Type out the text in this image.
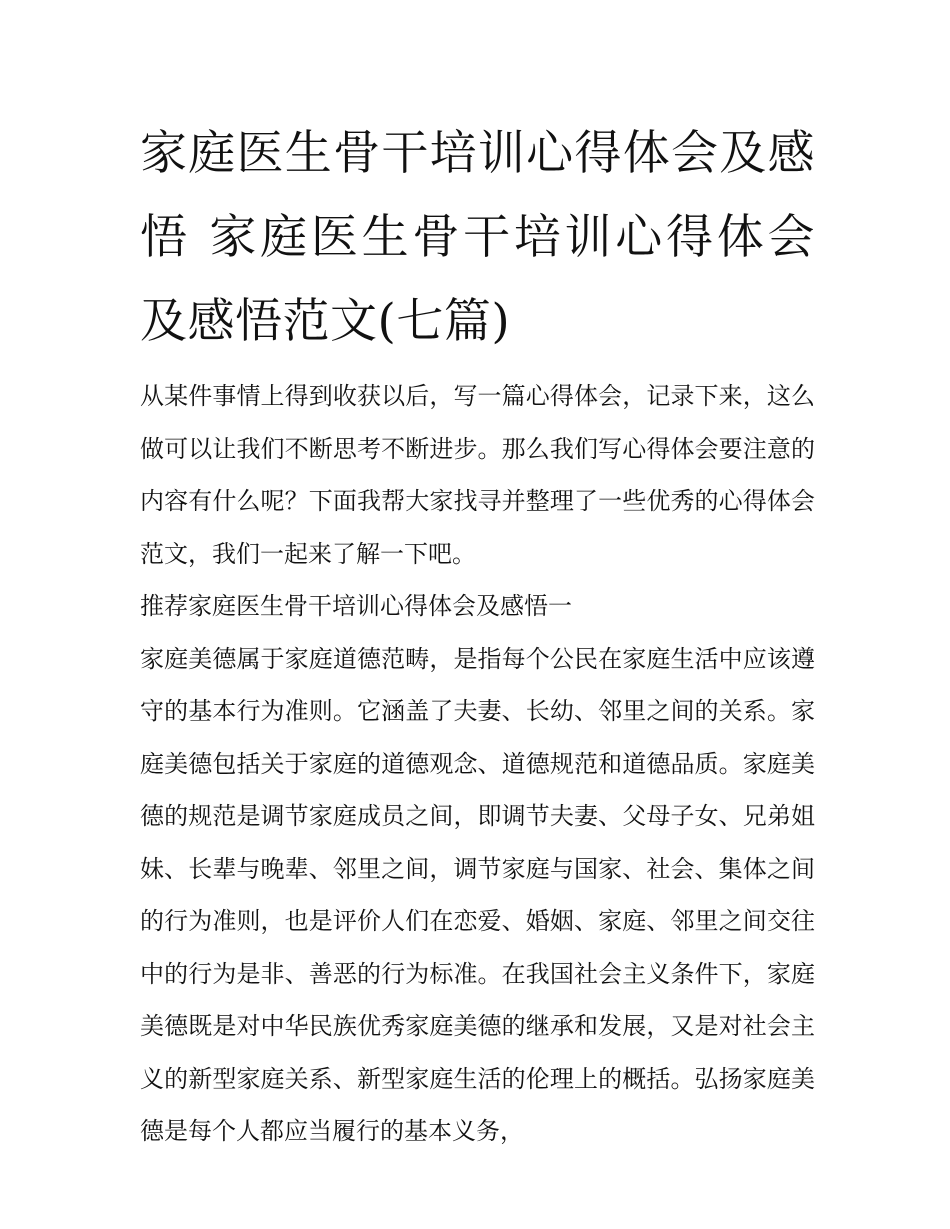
家庭医生骨干培训心得体会及感悟 家庭医生骨干培训心得体会及感悟范文(七篇)

从某件事情上得到收获以后，写一篇心得体会，记录下来，这么做可以让我们不断思考不断进步。那么我们写心得体会要注意的内容有什么呢？下面我帮大家找寻并整理了一些优秀的心得体会范文，我们一起来了解一下吧。

推荐家庭医生骨干培训心得体会及感悟一

家庭美德属于家庭道德范畴，是指每个公民在家庭生活中应该遵守的基本行为准则。它涵盖了夫妻、长幼、邻里之间的关系。家庭美德包括关于家庭的道德观念、道德规范和道德品质。家庭美德的规范是调节家庭成员之间，即调节夫妻、父母子女、兄弟姐妹、长辈与晚辈、邻里之间，调节家庭与国家、社会、集体之间的行为准则，也是评价人们在恋爱、婚姻、家庭、邻里之间交往中的行为是非、善恶的行为标准。在我国社会主义条件下，家庭美德既是对中华民族优秀家庭美德的继承和发展，又是对社会主义的新型家庭关系、新型家庭生活的伦理上的概括。弘扬家庭美德是每个人都应当履行的基本义务，
